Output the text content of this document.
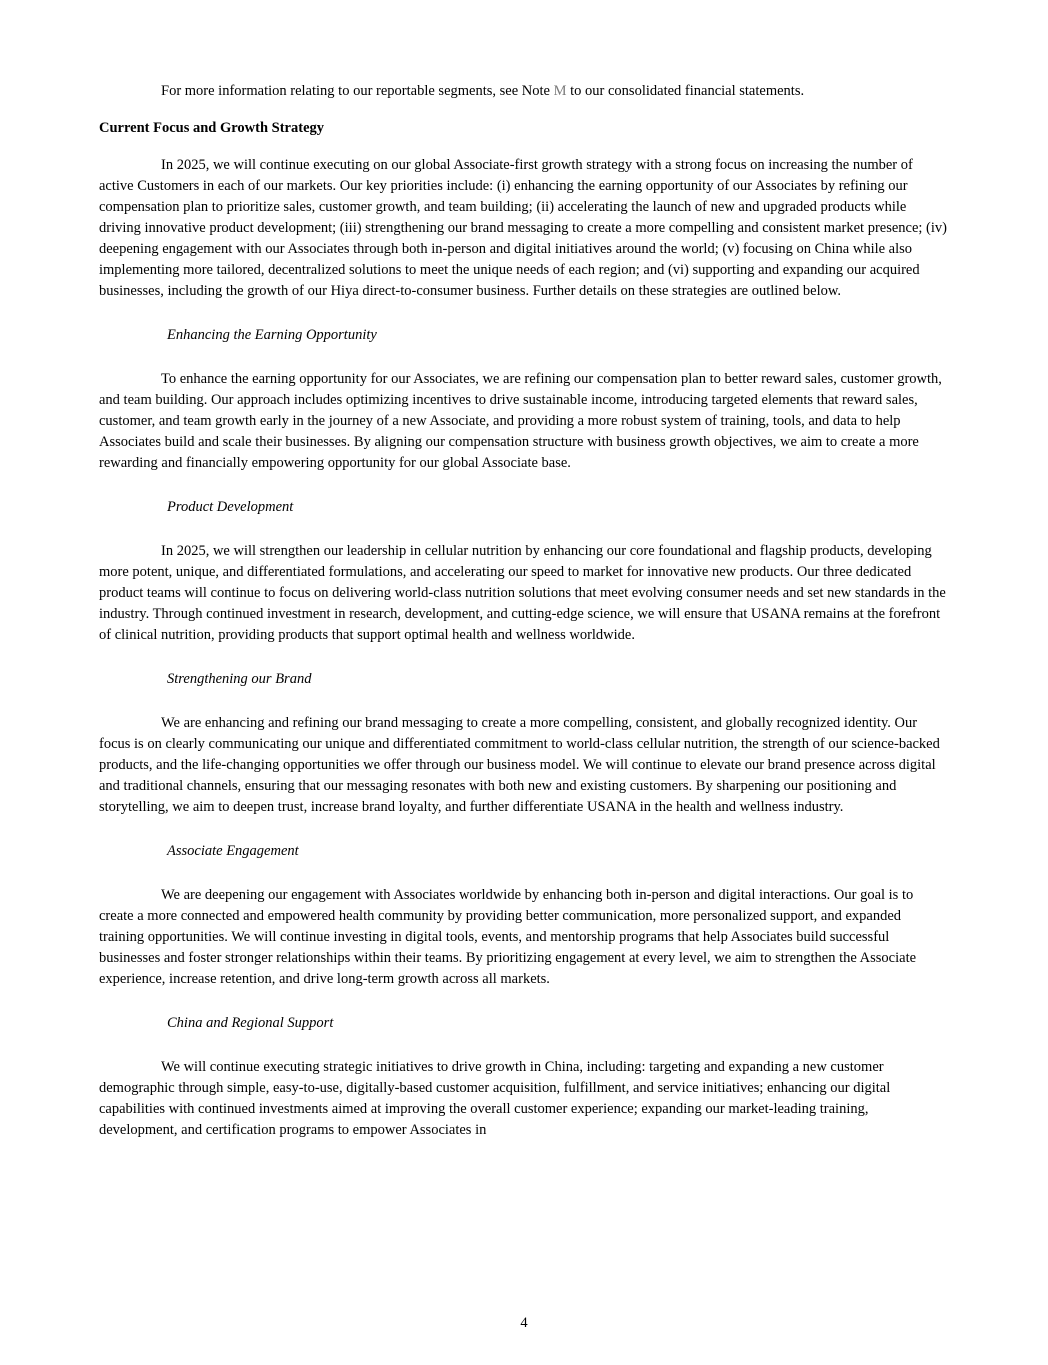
For more information relating to our reportable segments, see Note M to our consolidated financial statements.

Current Focus and Growth Strategy

In 2025, we will continue executing on our global Associate-first growth strategy with a strong focus on increasing the number of active Customers in each of our markets. Our key priorities include: (i) enhancing the earning opportunity of our Associates by refining our compensation plan to prioritize sales, customer growth, and team building; (ii) accelerating the launch of new and upgraded products while driving innovative product development; (iii) strengthening our brand messaging to create a more compelling and consistent market presence; (iv) deepening engagement with our Associates through both in-person and digital initiatives around the world; (v) focusing on China while also implementing more tailored, decentralized solutions to meet the unique needs of each region; and (vi) supporting and expanding our acquired businesses, including the growth of our Hiya direct-to-consumer business. Further details on these strategies are outlined below.

Enhancing the Earning Opportunity

To enhance the earning opportunity for our Associates, we are refining our compensation plan to better reward sales, customer growth, and team building. Our approach includes optimizing incentives to drive sustainable income, introducing targeted elements that reward sales, customer, and team growth early in the journey of a new Associate, and providing a more robust system of training, tools, and data to help Associates build and scale their businesses. By aligning our compensation structure with business growth objectives, we aim to create a more rewarding and financially empowering opportunity for our global Associate base.

Product Development

In 2025, we will strengthen our leadership in cellular nutrition by enhancing our core foundational and flagship products, developing more potent, unique, and differentiated formulations, and accelerating our speed to market for innovative new products. Our three dedicated product teams will continue to focus on delivering world-class nutrition solutions that meet evolving consumer needs and set new standards in the industry. Through continued investment in research, development, and cutting-edge science, we will ensure that USANA remains at the forefront of clinical nutrition, providing products that support optimal health and wellness worldwide.

Strengthening our Brand

We are enhancing and refining our brand messaging to create a more compelling, consistent, and globally recognized identity. Our focus is on clearly communicating our unique and differentiated commitment to world-class cellular nutrition, the strength of our science-backed products, and the life-changing opportunities we offer through our business model. We will continue to elevate our brand presence across digital and traditional channels, ensuring that our messaging resonates with both new and existing customers. By sharpening our positioning and storytelling, we aim to deepen trust, increase brand loyalty, and further differentiate USANA in the health and wellness industry.

Associate Engagement

We are deepening our engagement with Associates worldwide by enhancing both in-person and digital interactions. Our goal is to create a more connected and empowered health community by providing better communication, more personalized support, and expanded training opportunities. We will continue investing in digital tools, events, and mentorship programs that help Associates build successful businesses and foster stronger relationships within their teams. By prioritizing engagement at every level, we aim to strengthen the Associate experience, increase retention, and drive long-term growth across all markets.

China and Regional Support

We will continue executing strategic initiatives to drive growth in China, including: targeting and expanding a new customer demographic through simple, easy-to-use, digitally-based customer acquisition, fulfillment, and service initiatives; enhancing our digital capabilities with continued investments aimed at improving the overall customer experience; expanding our market-leading training, development, and certification programs to empower Associates in

4
